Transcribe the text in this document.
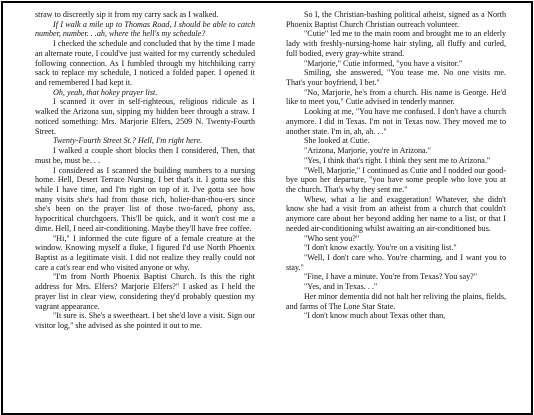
straw to discreetly sip it from my carry sack as I walked.

If I walk a mile up to Thomas Road, I should be able to catch number, number. . .ah, where the hell's my schedule?

I checked the schedule and concluded that by the time I made an alternate route, I could've just waited for my currently scheduled following connection. As I fumbled through my hitchhiking carry sack to replace my schedule, I noticed a folded paper. I opened it and remembered I had kept it.

Oh, yeah, that hokey prayer list.

I scanned it over in self-righteous, religious ridicule as I walked the Arizona sun, sipping my hidden beer through a straw. I noticed something: Mrs. Marjorie Elfers, 2509 N. Twenty-Fourth Street.

Twenty-Fourth Street St.? Hell, I'm right here.

I walked a couple short blocks then I considered, Then, that must be, must be. . .

I considered as I scanned the building numbers to a nursing home. Hell, Desert Terrace Nursing. I bet that's it. I gotta see this while I have time, and I'm right on top of it. I've gotta see how many visits she's had from those rich, holier-than-thou-ers since she's been on the prayer list of those two-faced, phony ass, hypocritical churchgoers. This'll be quick, and it won't cost me a dime. Hell, I need air-conditioning. Maybe they'll have free coffee.

"Hi," I informed the cute figure of a female creature at the window. Knowing myself a fluke, I figured I'd use North Phoenix Baptist as a legitimate visit. I did not realize they really could not care a cat's rear end who visited anyone or why.

"I'm from North Phoenix Baptist Church. Is this the right address for Mrs. Elfers? Marjorie Elfers?" I asked as I held the prayer list in clear view, considering they'd probably question my vagrant appearance.

"It sure is. She's a sweetheart. I bet she'd love a visit. Sign our visitor log," she advised as she pointed it out to me.

So I, the Christian-bashing political atheist, signed as a North Phoenix Baptist Church Christian outreach volunteer.

"Cutie" led me to the main room and brought me to an elderly lady with freshly-nursing-home hair styling, all fluffy and curled, full bodied, every gray-white strand.

"Marjorie," Cutie informed, "you have a visitor."

Smiling, she answered, "You tease me. No one visits me. That's your boyfriend, I bet."

"No, Marjorie, he's from a church. His name is George. He'd like to meet you," Cutie advised in tenderly manner.

Looking at me, "You have me confused. I don't have a church anymore. I did in Texas. I'm not in Texas now. They moved me to another state. I'm in, ah, ah. . ."

She looked at Cutie.

"Arizona, Marjorie, you're in Arizona."

"Yes, I think that's right. I think they sent me to Arizona."

"Well, Marjorie," I continued as Cutie and I nodded our good-bye upon her departure, "you have some people who love you at the church. That's why they sent me."

Whew, what a lie and exaggeration! Whatever, she didn't know she had a visit from an atheist from a church that couldn't anymore care about her beyond adding her name to a list, or that I needed air-conditioning whilst awaiting an air-conditioned bus.

"Who sent you?"

"I don't know exactly. You're on a visiting list."

"Well, I don't care who. You're charming, and I want you to stay."

"Fine, I have a minute. You're from Texas? You say?"

"Yes, and in Texas. . ."

Her minor dementia did not halt her reliving the plains, fields, and farms of The Lone Star State.

"I don't know much about Texas other than,
